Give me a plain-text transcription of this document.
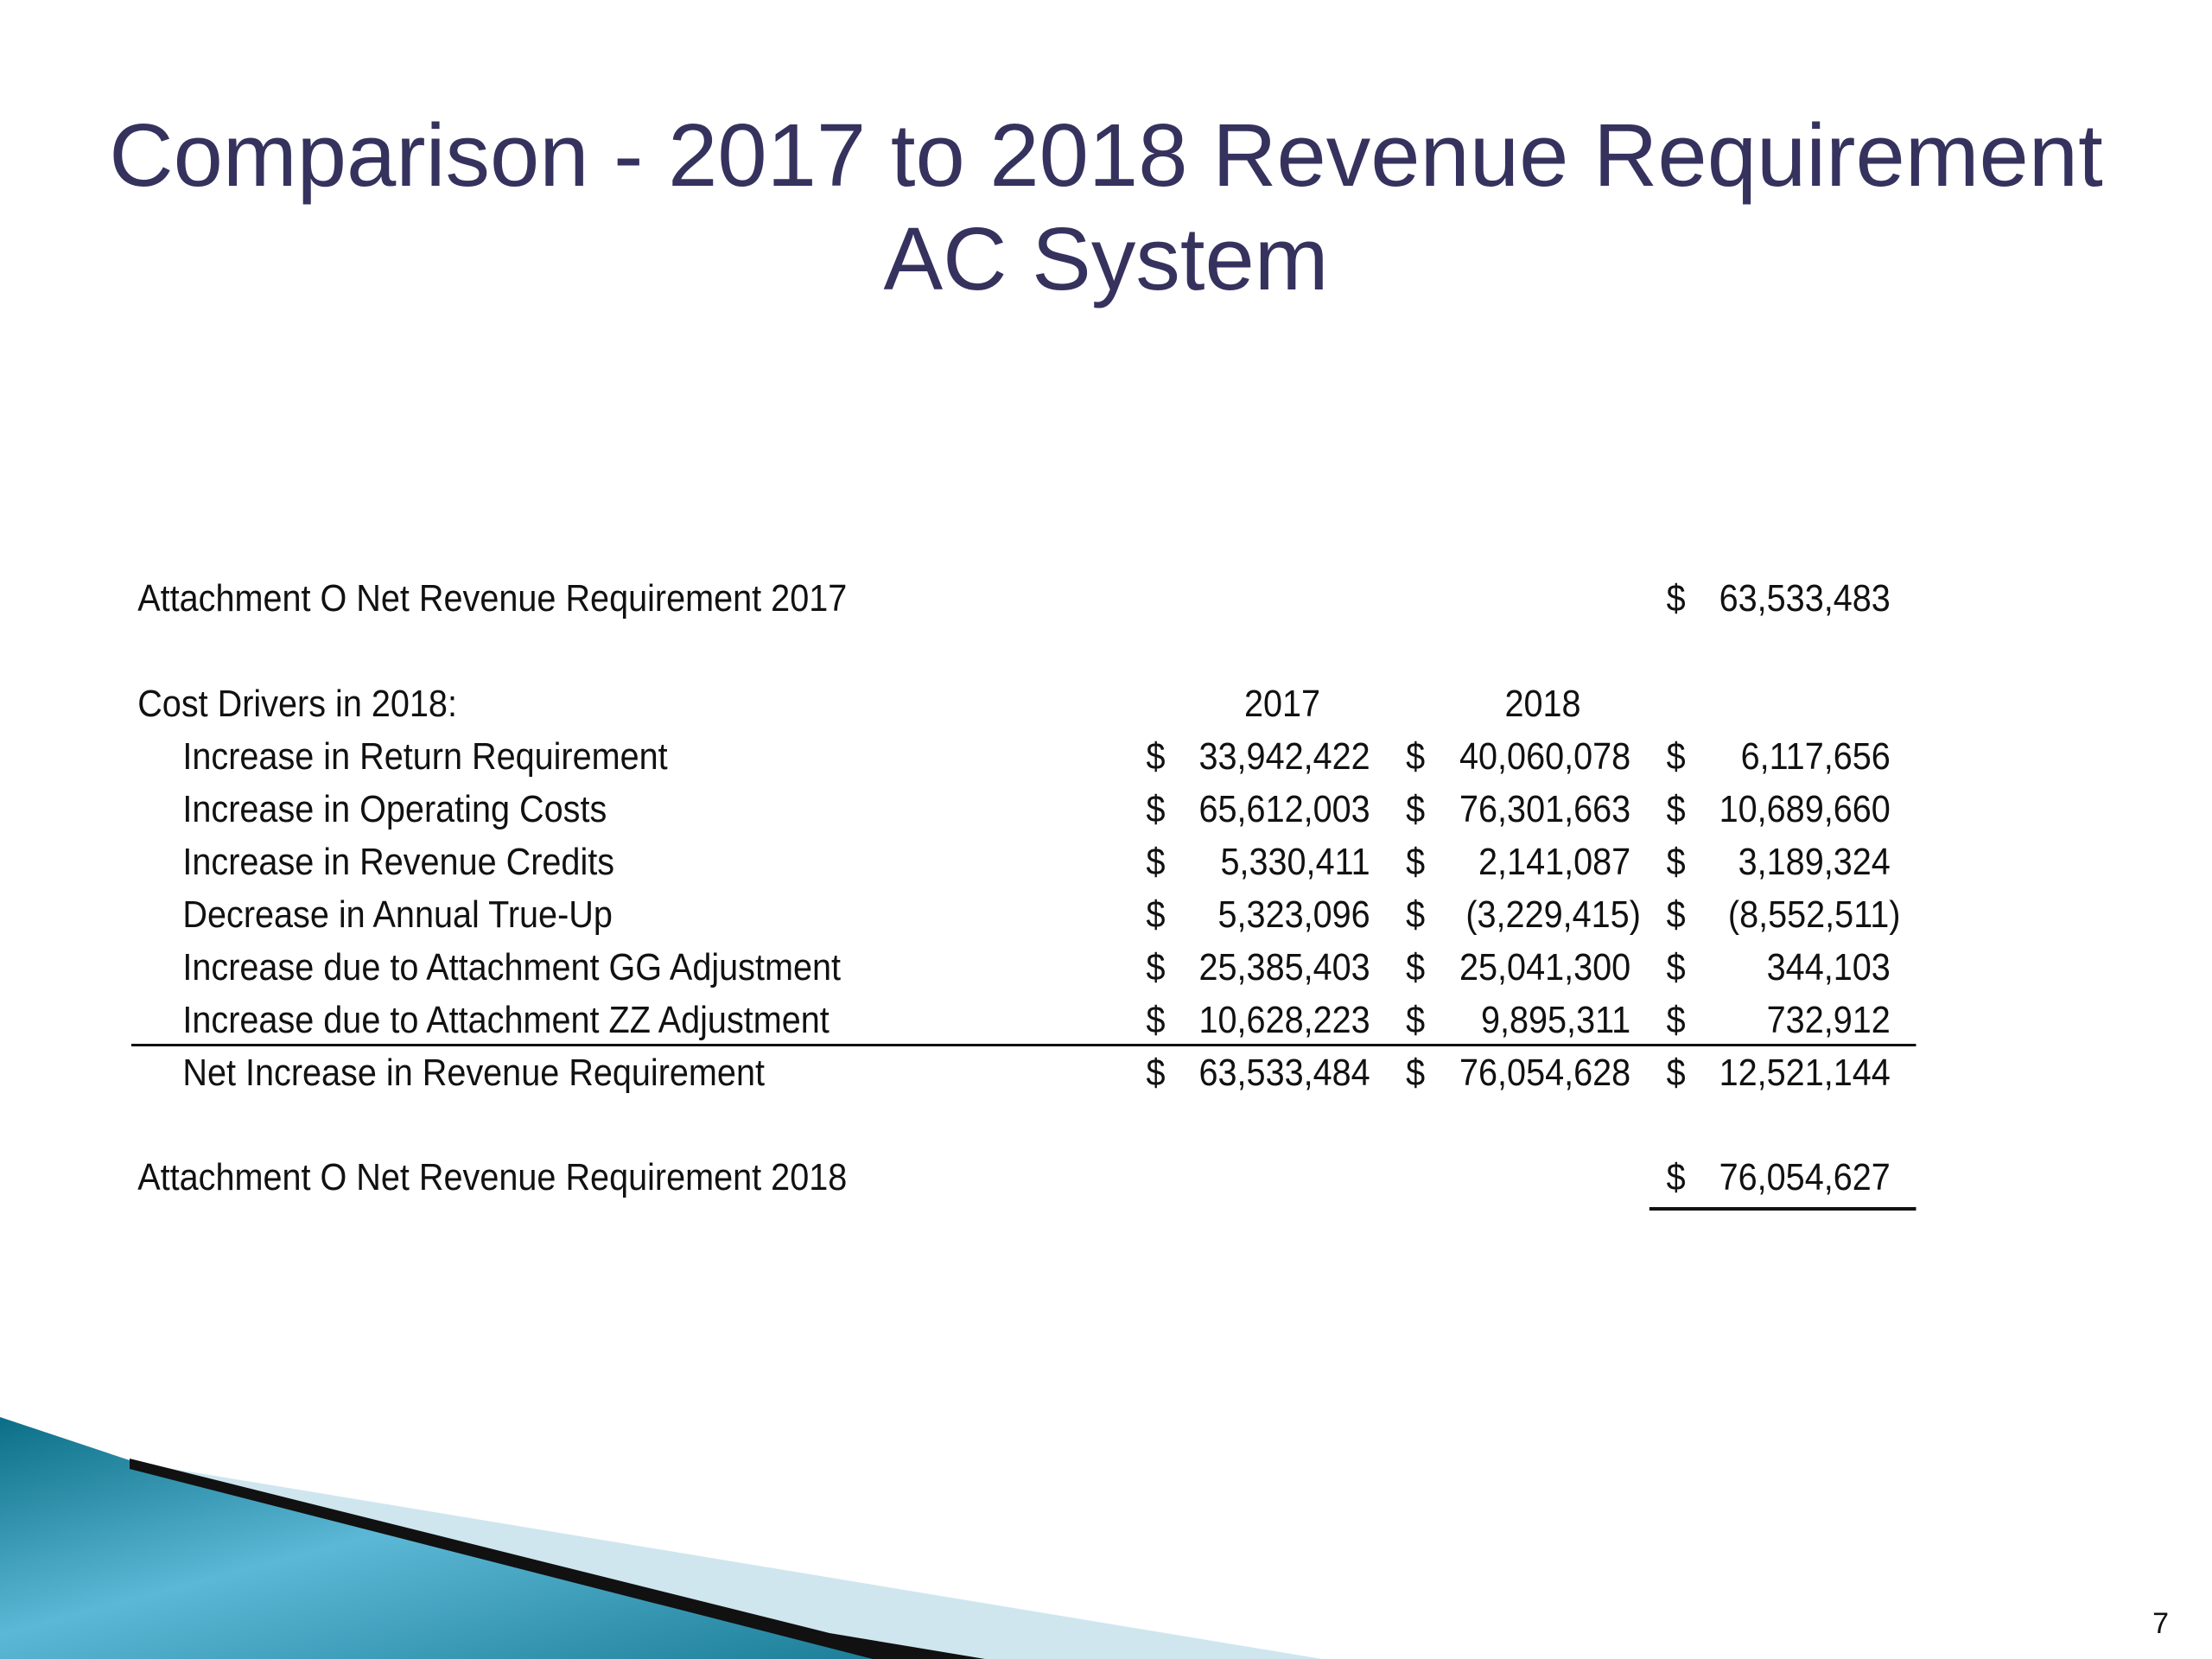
Comparison - 2017 to 2018 Revenue Requirement
AC System
Attachment O Net Revenue Requirement 2017	$ 63,533,483
Cost Drivers in 2018:	2017	2018
Increase in Return Requirement	$ 33,942,422 $ 40,060,078 $ 6,117,656
Increase in Operating Costs	$ 65,612,003 $ 76,301,663 $ 10,689,660
Increase in Revenue Credits	$ 5,330,411 $ 2,141,087 $ 3,189,324
Decrease in Annual True-Up	$ 5,323,096 $ (3,229,415) $ (8,552,511)
Increase due to Attachment GG Adjustment	$ 25,385,403 $ 25,041,300 $ 344,103
Increase due to Attachment ZZ Adjustment	$ 10,628,223 $ 9,895,311 $ 732,912
Net Increase in Revenue Requirement	$ 63,533,484 $ 76,054,628 $ 12,521,144
Attachment O Net Revenue Requirement 2018	$ 76,054,627
7
